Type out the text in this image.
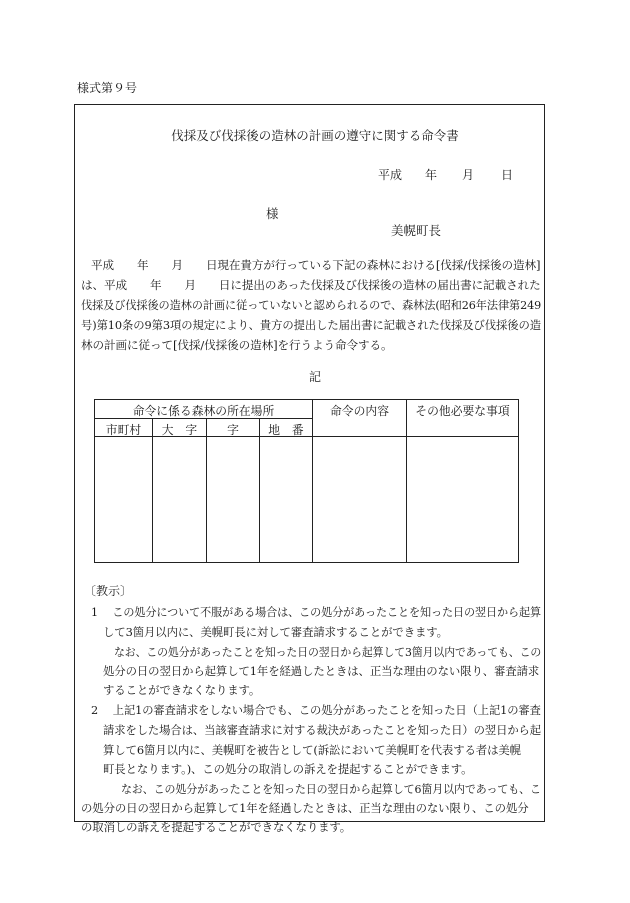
様式第９号
伐採及び伐採後の造林の計画の遵守に関する命令書
平成 年 月 日
様
美幌町長
平成　　年　　月　　日現在貴方が行っている下記の森林における[伐採/伐採後の造林]
は、平成　　年　　月　　日に提出のあった伐採及び伐採後の造林の届出書に記載された
伐採及び伐採後の造林の計画に従っていないと認められるので、森林法(昭和26年法律第249
号)第10条の9第3項の規定により、貴方の提出した届出書に記載された伐採及び伐採後の造
林の計画に従って[伐採/伐採後の造林]を行うよう命令する。
記
命令に係る森林の所在場所	命令の内容	その他必要な事項
市町村	大　字	字	地　番
〔教示〕
1　 この処分について不服がある場合は、この処分があったことを知った日の翌日から起算
して3箇月以内に、美幌町長に対して審査請求することができます。
なお、この処分があったことを知った日の翌日から起算して3箇月以内であっても、この
処分の日の翌日から起算して1年を経過したときは、正当な理由のない限り、審査請求
することができなくなります。
2　 上記1の審査請求をしない場合でも、この処分があったことを知った日（上記1の審査
請求をした場合は、当該審査請求に対する裁決があったことを知った日）の翌日から起
算して6箇月以内に、美幌町を被告として(訴訟において美幌町を代表する者は美幌
町長となります。)、この処分の取消しの訴えを提起することができます。
なお、この処分があったことを知った日の翌日から起算して6箇月以内であっても、こ
の処分の日の翌日から起算して1年を経過したときは、正当な理由のない限り、この処分
の取消しの訴えを提起することができなくなります。
